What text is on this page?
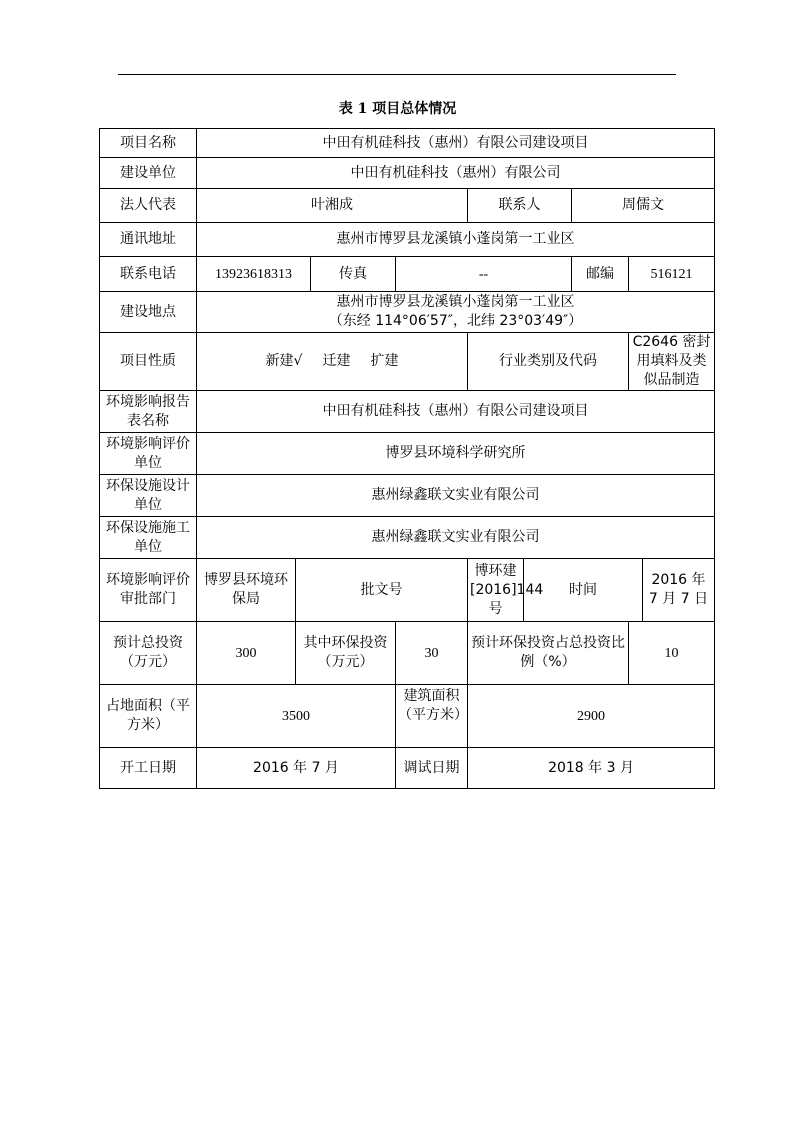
表 1 项目总体情况
项目名称	中田有机硅科技（惠州）有限公司建设项目								
建设单位	中田有机硅科技（惠州）有限公司								
法人代表	叶湘成				联系人		周儒文		
通讯地址	惠州市博罗县龙溪镇小蓬岗第一工业区								
联系电话	13923618313		传真	--			邮编	516121	
建设地点	惠州市博罗县龙溪镇小蓬岗第一工业区
（东经 114°06′57″，北纬 23°03′49″）								

项目性质	新建√ 迁建 扩建				行业类别及代码			C2646 密封用填料及类似品制造	
环境影响报告表名称	中田有机硅科技（惠州）有限公司建设项目								
环境影响评价单位	博罗县环境科学研究所								
环保设施设计单位	惠州绿鑫联文实业有限公司								
环保设施施工单位	惠州绿鑫联文实业有限公司								
环境影响评价审批部门	博罗县环境环保局	批文号			博环建[2016]144 号	时间			2016 年 7 月 7 日
预计总投资（万元）	300	其中环保投资（万元）		30	预计环保投资占总投资比例（%）			10	
占地面积（平方米）	3500			建筑面积（平方米）	2900				
开工日期	2016 年 7 月			调试日期	2018 年 3 月				
